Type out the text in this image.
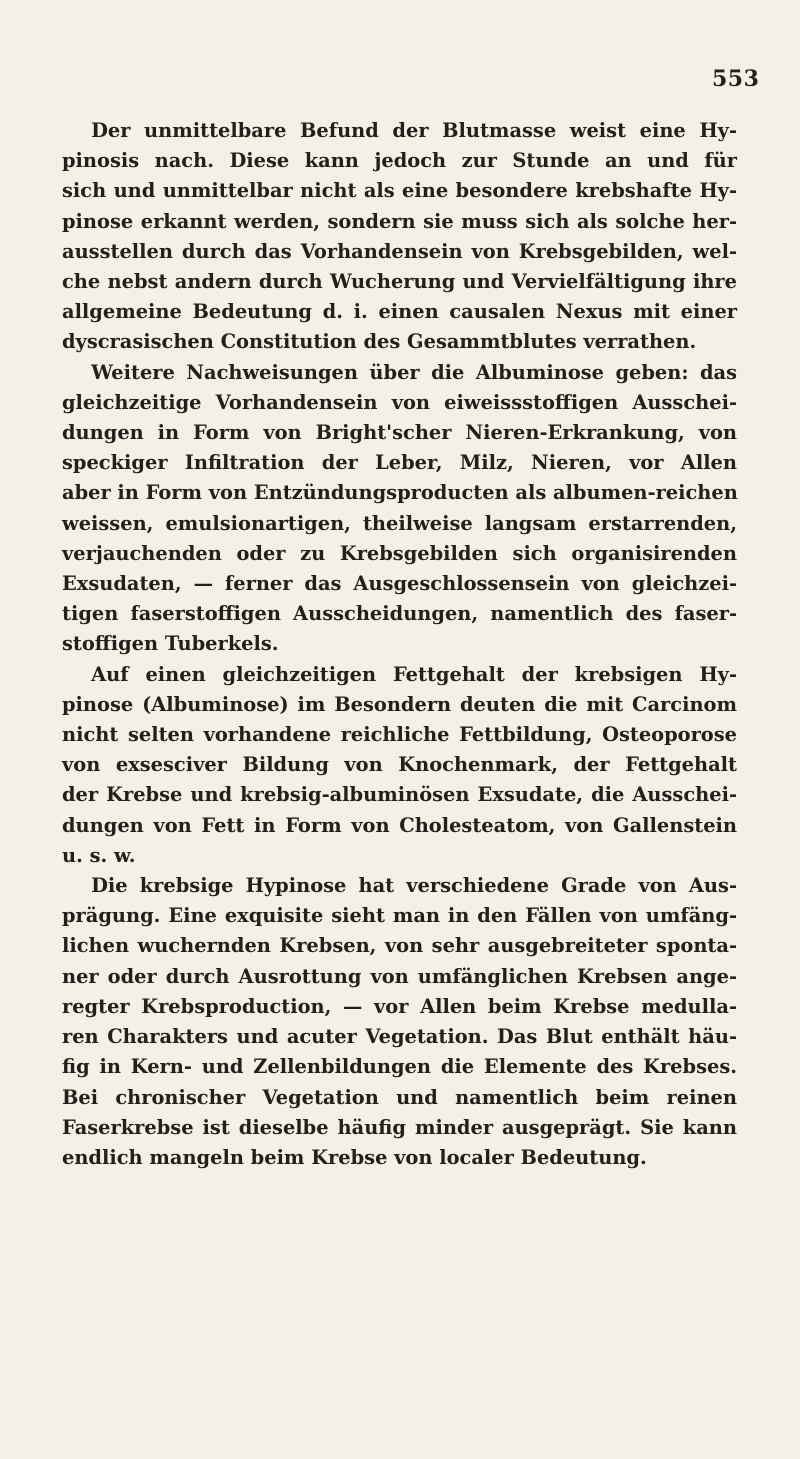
553
  Der unmittelbare Befund der Blutmasse weist eine Hy-
pinosis nach. Diese kann jedoch zur Stunde an und für
sich und unmittelbar nicht als eine besondere krebshafte Hy-
pinose erkannt werden, sondern sie muss sich als solche her-
ausstellen durch das Vorhandensein von Krebsgebilden, wel-
che nebst andern durch Wucherung und Vervielfältigung ihre
allgemeine Bedeutung d. i. einen causalen Nexus mit einer
dyscrasischen Constitution des Gesammtblutes verrathen.
  Weitere Nachweisungen über die Albuminose geben: das
gleichzeitige Vorhandensein von eiweissstoffigen Ausschei-
dungen in Form von Bright'scher Nieren-Erkrankung, von
speckiger Infiltration der Leber, Milz, Nieren, vor Allen
aber in Form von Entzündungsproducten als albumen-reichen
weissen, emulsionartigen, theilweise langsam erstarrenden,
verjauchenden oder zu Krebsgebilden sich organisirenden
Exsudaten, — ferner das Ausgeschlossensein von gleichzei-
tigen faserstoffigen Ausscheidungen, namentlich des faser-
stoffigen Tuberkels.
  Auf einen gleichzeitigen Fettgehalt der krebsigen Hy-
pinose (Albuminose) im Besondern deuten die mit Carcinom
nicht selten vorhandene reichliche Fettbildung, Osteoporose
von exsesciver Bildung von Knochenmark, der Fettgehalt
der Krebse und krebsig-albuminösen Exsudate, die Ausschei-
dungen von Fett in Form von Cholesteatom, von Gallenstein
u. s. w.
  Die krebsige Hypinose hat verschiedene Grade von Aus-
prägung. Eine exquisite sieht man in den Fällen von umfäng-
lichen wuchernden Krebsen, von sehr ausgebreiteter sponta-
ner oder durch Ausrottung von umfänglichen Krebsen ange-
regter Krebsproduction, — vor Allen beim Krebse medulla-
ren Charakters und acuter Vegetation. Das Blut enthält häu-
fig in Kern- und Zellenbildungen die Elemente des Krebses.
Bei chronischer Vegetation und namentlich beim reinen
Faserkrebse ist dieselbe häufig minder ausgeprägt. Sie kann
endlich mangeln beim Krebse von localer Bedeutung.
